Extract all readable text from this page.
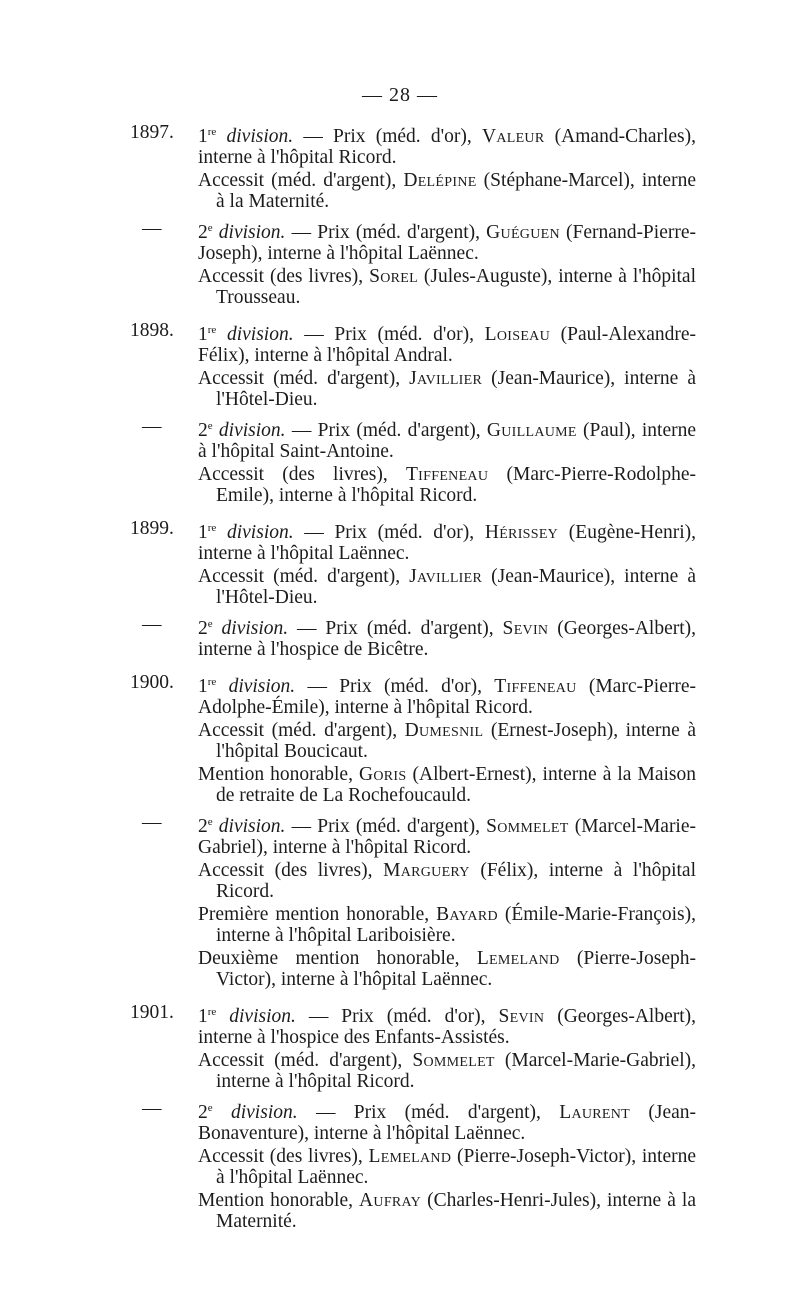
— 28 —
1897.	1re division. — Prix (méd. d'or), Valeur (Amand-Charles), interne à l'hôpital Ricord.
Accessit (méd. d'argent), Delépine (Stéphane-Marcel), interne à la Maternité.
—	2e division. — Prix (méd. d'argent), Guéguen (Fernand-Pierre-Joseph), interne à l'hôpital Laënnec.
Accessit (des livres), Sorel (Jules-Auguste), interne à l'hôpital Trousseau.
1898.	1re division. — Prix (méd. d'or), Loiseau (Paul-Alexandre-Félix), interne à l'hôpital Andral.
Accessit (méd. d'argent), Javillier (Jean-Maurice), interne à l'Hôtel-Dieu.
—	2e division. — Prix (méd. d'argent), Guillaume (Paul), interne à l'hôpital Saint-Antoine.
Accessit (des livres), Tiffeneau (Marc-Pierre-Rodolphe-Emile), interne à l'hôpital Ricord.
1899.	1re division. — Prix (méd. d'or), Hérissey (Eugène-Henri), interne à l'hôpital Laënnec.
Accessit (méd. d'argent), Javillier (Jean-Maurice), interne à l'Hôtel-Dieu.
—	2e division. — Prix (méd. d'argent), Sevin (Georges-Albert), interne à l'hospice de Bicêtre.
1900.	1re division. — Prix (méd. d'or), Tiffeneau (Marc-Pierre-Adolphe-Émile), interne à l'hôpital Ricord.
Accessit (méd. d'argent), Dumesnil (Ernest-Joseph), interne à l'hôpital Boucicaut.
Mention honorable, Goris (Albert-Ernest), interne à la Maison de retraite de La Rochefoucauld.
—	2e division. — Prix (méd. d'argent), Sommelet (Marcel-Marie-Gabriel), interne à l'hôpital Ricord.
Accessit (des livres), Marguery (Félix), interne à l'hôpital Ricord.
Première mention honorable, Bayard (Émile-Marie-François), interne à l'hôpital Lariboisière.
Deuxième mention honorable, Lemeland (Pierre-Joseph-Victor), interne à l'hôpital Laënnec.
1901.	1re division. — Prix (méd. d'or), Sevin (Georges-Albert), interne à l'hospice des Enfants-Assistés.
Accessit (méd. d'argent), Sommelet (Marcel-Marie-Gabriel), interne à l'hôpital Ricord.
—	2e division. — Prix (méd. d'argent), Laurent (Jean-Bonaventure), interne à l'hôpital Laënnec.
Accessit (des livres), Lemeland (Pierre-Joseph-Victor), interne à l'hôpital Laënnec.
Mention honorable, Aufray (Charles-Henri-Jules), interne à la Maternité.
